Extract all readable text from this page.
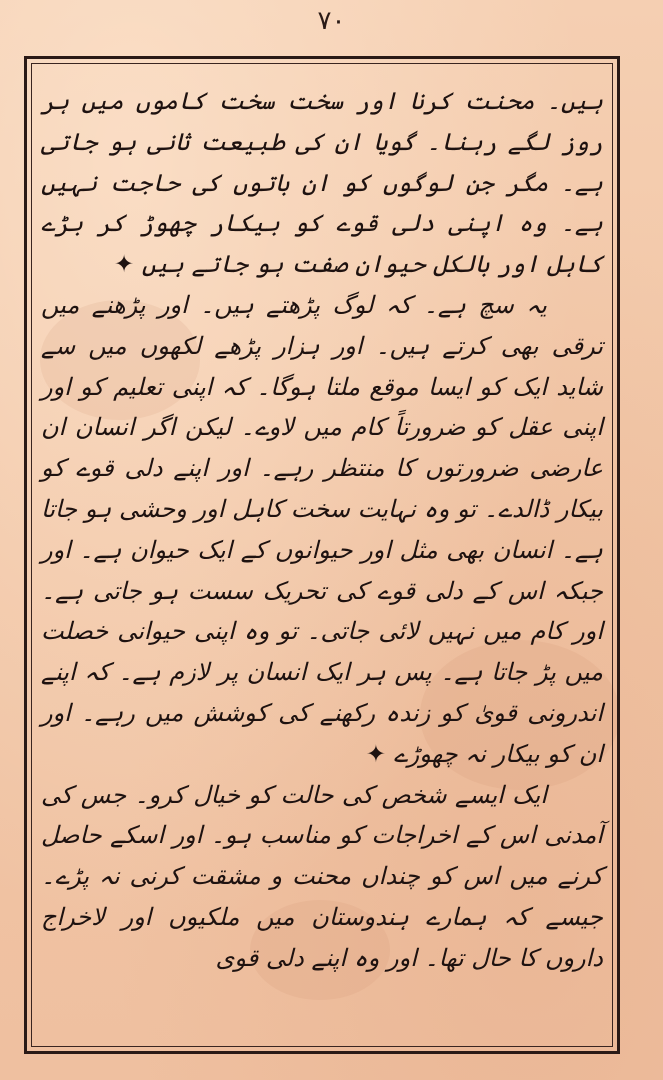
۷۰

ہیں۔ محنت کرنا اور سخت سخت کاموں میں ہر روز لگے رہنا۔ گویا ان کی طبیعت ثانی ہو جاتی ہے۔ مگر جن لوگوں کو ان باتوں کی حاجت نہیں ہے۔ وہ اپنی دلی قوے کو بیکار چھوڑ کر بڑے کاہل اور بالکل حیوان صفت ہو جاتے ہیں ✦

یہ سچ ہے۔ کہ لوگ پڑھتے ہیں۔ اور پڑھنے میں ترقی بھی کرتے ہیں۔ اور ہزار پڑھے لکھوں میں سے شاید ایک کو ایسا موقع ملتا ہوگا۔ کہ اپنی تعلیم کو اور اپنی عقل کو ضرورتاً کام میں لاوے۔ لیکن اگر انسان ان عارضی ضرورتوں کا منتظر رہے۔ اور اپنے دلی قوے کو بیکار ڈالدے۔ تو وہ نہایت سخت کاہل اور وحشی ہو جاتا ہے۔ انسان بھی مثل اور حیوانوں کے ایک حیوان ہے۔ اور جبکہ اس کے دلی قوے کی تحریک سست ہو جاتی ہے۔ اور کام میں نہیں لائی جاتی۔ تو وہ اپنی حیوانی خصلت میں پڑ جاتا ہے۔ پس ہر ایک انسان پر لازم ہے۔ کہ اپنے اندرونی قویٰ کو زندہ رکھنے کی کوشش میں رہے۔ اور ان کو بیکار نہ چھوڑے ✦

ایک ایسے شخص کی حالت کو خیال کرو۔ جس کی آمدنی اس کے اخراجات کو مناسب ہو۔ اور اسکے حاصل کرنے میں اس کو چنداں محنت و مشقت کرنی نہ پڑے۔ جیسے کہ ہمارے ہندوستان میں ملکیوں اور لاخراج داروں کا حال تھا۔ اور وہ اپنے دلی قوی
